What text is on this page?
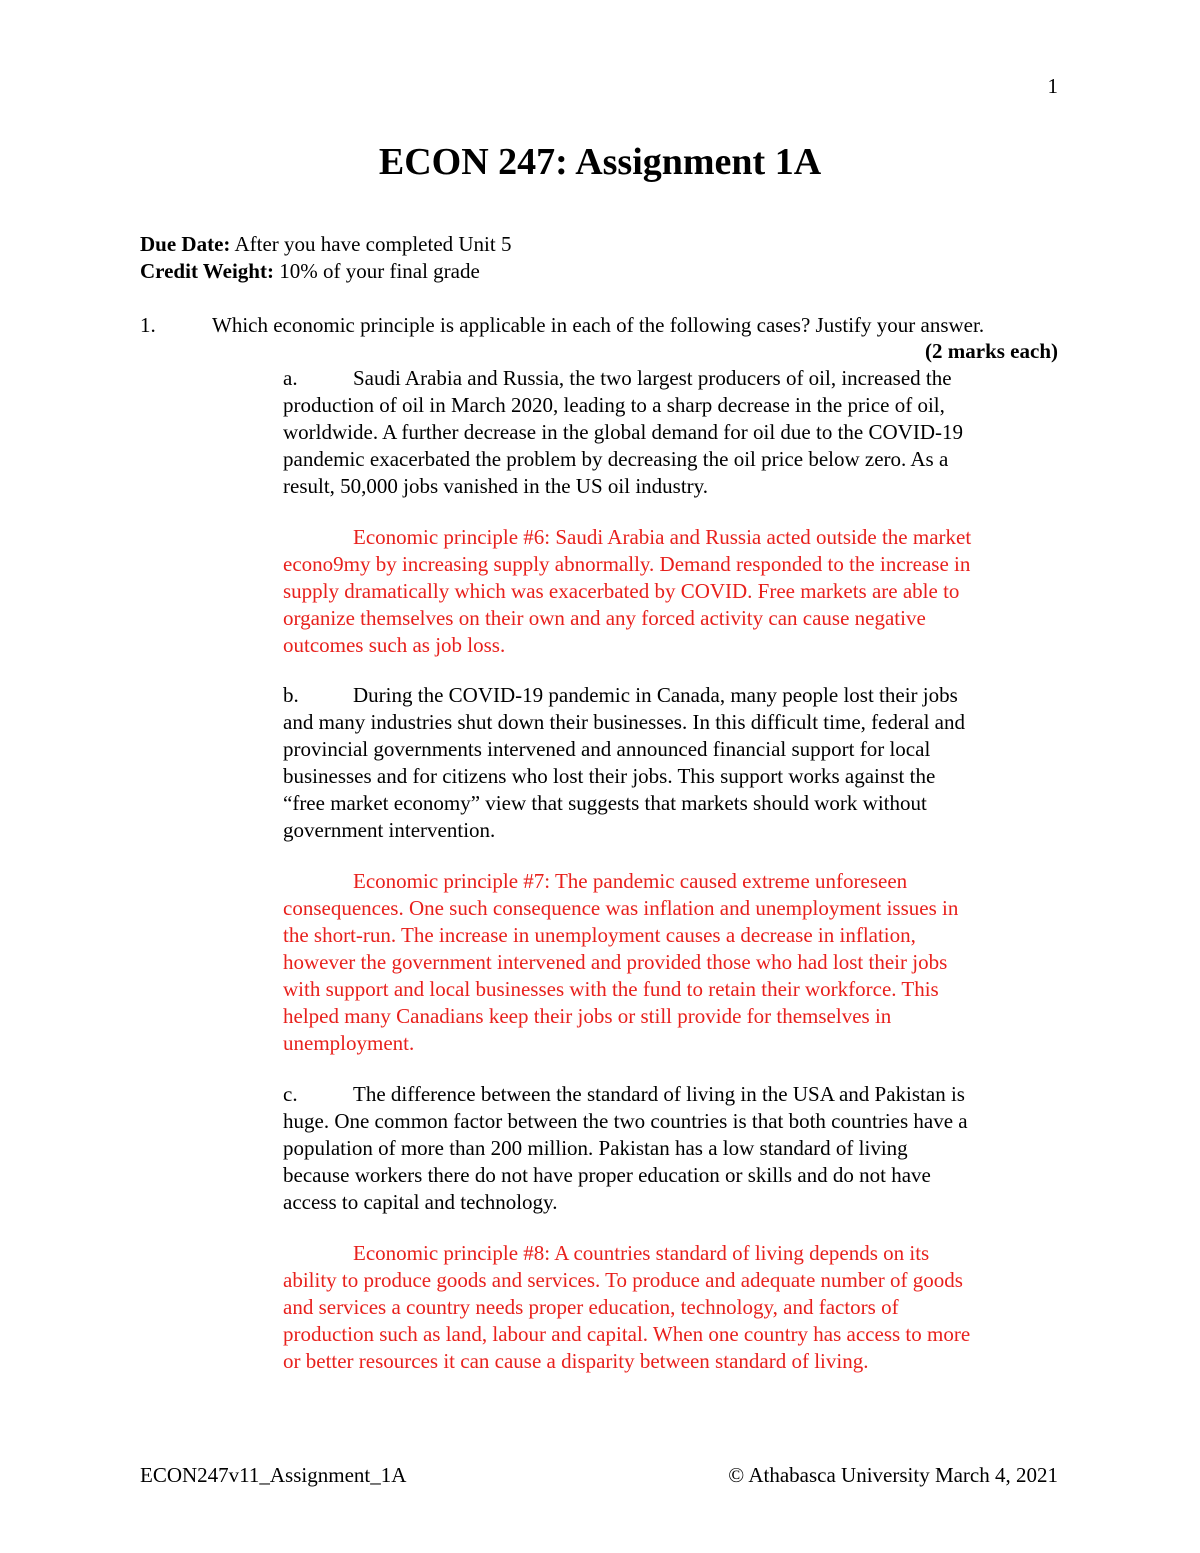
1
ECON 247: Assignment 1A
Due Date: After you have completed Unit 5
Credit Weight: 10% of your final grade
1.	Which economic principle is applicable in each of the following cases? Justify your answer.
(2 marks each)
a.	Saudi Arabia and Russia, the two largest producers of oil, increased the
production of oil in March 2020, leading to a sharp decrease in the price of oil,
worldwide. A further decrease in the global demand for oil due to the COVID-19
pandemic exacerbated the problem by decreasing the oil price below zero. As a
result, 50,000 jobs vanished in the US oil industry.
Economic principle #6: Saudi Arabia and Russia acted outside the market
econo9my by increasing supply abnormally. Demand responded to the increase in
supply dramatically which was exacerbated by COVID. Free markets are able to
organize themselves on their own and any forced activity can cause negative
outcomes such as job loss.
b.	During the COVID-19 pandemic in Canada, many people lost their jobs
and many industries shut down their businesses. In this difficult time, federal and
provincial governments intervened and announced financial support for local
businesses and for citizens who lost their jobs. This support works against the
“free market economy” view that suggests that markets should work without
government intervention.
Economic principle #7: The pandemic caused extreme unforeseen
consequences. One such consequence was inflation and unemployment issues in
the short-run. The increase in unemployment causes a decrease in inflation,
however the government intervened and provided those who had lost their jobs
with support and local businesses with the fund to retain their workforce. This
helped many Canadians keep their jobs or still provide for themselves in
unemployment.
c.	The difference between the standard of living in the USA and Pakistan is
huge. One common factor between the two countries is that both countries have a
population of more than 200 million. Pakistan has a low standard of living
because workers there do not have proper education or skills and do not have
access to capital and technology.
Economic principle #8: A countries standard of living depends on its
ability to produce goods and services. To produce and adequate number of goods
and services a country needs proper education, technology, and factors of
production such as land, labour and capital. When one country has access to more
or better resources it can cause a disparity between standard of living.
ECON247v11_Assignment_1A	© Athabasca University March 4, 2021
